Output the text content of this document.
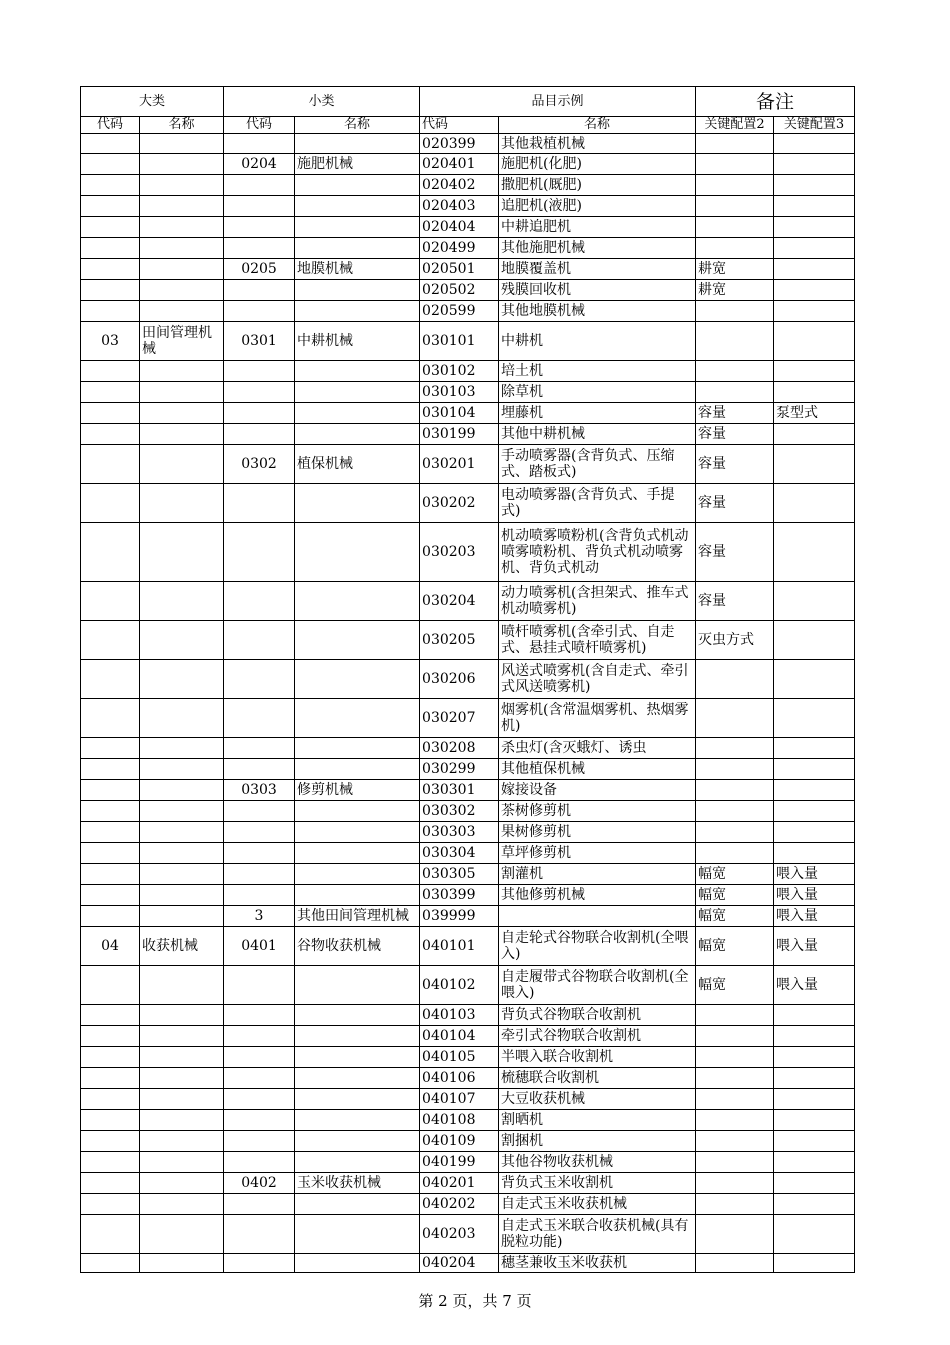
大类		小类		品目示例		备注	
代码	名称	代码	名称	代码	名称	关键配置2	关键配置3
				020399	其他栽植机械		
		0204	施肥机械	020401	施肥机(化肥)		
				020402	撒肥机(厩肥)		
				020403	追肥机(液肥)		
				020404	中耕追肥机		
				020499	其他施肥机械		
		0205	地膜机械	020501	地膜覆盖机	耕宽	
				020502	残膜回收机	耕宽	
				020599	其他地膜机械		
03	田间管理机械	0301	中耕机械	030101	中耕机		
				030102	培土机		
				030103	除草机		
				030104	埋藤机	容量	泵型式
				030199	其他中耕机械	容量	
		0302	植保机械	030201	手动喷雾器(含背负式、压缩式、踏板式)	容量	
				030202	电动喷雾器(含背负式、手提式)	容量	
				030203	机动喷雾喷粉机(含背负式机动喷雾喷粉机、背负式机动喷雾机、背负式机动	容量	
				030204	动力喷雾机(含担架式、推车式机动喷雾机)	容量	
				030205	喷杆喷雾机(含牵引式、自走式、悬挂式喷杆喷雾机)	灭虫方式	
				030206	风送式喷雾机(含自走式、牵引式风送喷雾机)		
				030207	烟雾机(含常温烟雾机、热烟雾机)		
				030208	杀虫灯(含灭蛾灯、诱虫		
				030299	其他植保机械		
		0303	修剪机械	030301	嫁接设备		
				030302	茶树修剪机		
				030303	果树修剪机		
				030304	草坪修剪机		
				030305	割灌机	幅宽	喂入量
				030399	其他修剪机械	幅宽	喂入量
		3	其他田间管理机械	039999		幅宽	喂入量
04	收获机械	0401	谷物收获机械	040101	自走轮式谷物联合收割机(全喂入)	幅宽	喂入量
				040102	自走履带式谷物联合收割机(全喂入)	幅宽	喂入量
				040103	背负式谷物联合收割机		
				040104	牵引式谷物联合收割机		
				040105	半喂入联合收割机		
				040106	梳穗联合收割机		
				040107	大豆收获机械		
				040108	割晒机		
				040109	割捆机		
				040199	其他谷物收获机械		
		0402	玉米收获机械	040201	背负式玉米收割机		
				040202	自走式玉米收获机械		
				040203	自走式玉米联合收获机械(具有脱粒功能)		
				040204	穗茎兼收玉米收获机		
第 2 页，共 7 页
